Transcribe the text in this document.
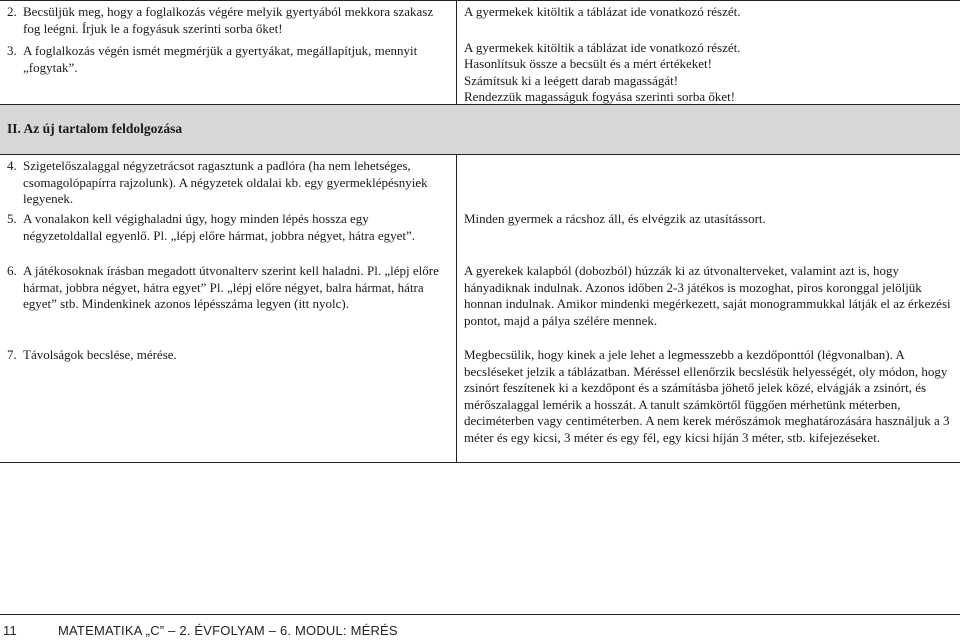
2. Becsüljük meg, hogy a foglalkozás végére melyik gyertyából mekkora szakasz fog leégni. Írjuk le a fogyásuk szerinti sorba őket!
3. A foglalkozás végén ismét megmérjük a gyertyákat, megállapítjuk, mennyit „fogytak”.

A gyermekek kitöltik a táblázat ide vonatkozó részét.

A gyermekek kitöltik a táblázat ide vonatkozó részét.

Hasonlítsuk össze a becsült és a mért értékeket!

Számítsuk ki a leégett darab magasságát!

Rendezzük magasságuk fogyása szerinti sorba őket!

II. Az új tartalom feldolgozása
4. Szigetelőszalaggal négyzetrácsot ragasztunk a padlóra (ha nem lehetséges, csomagolópapírra rajzolunk). A négyzetek oldalai kb. egy gyermeklépésnyiek legyenek.
5. A vonalakon kell végighaladni úgy, hogy minden lépés hossza egy négyzetoldallal egyenlő. Pl. „lépj előre hármat, jobbra négyet, hátra egyet”.

Minden gyermek a rácshoz áll, és elvégzik az utasítássort.

6. A játékosoknak írásban megadott útvonalterv szerint kell haladni. Pl. „lépj előre hármat, jobbra négyet, hátra egyet” Pl. „lépj előre négyet, balra hármat, hátra egyet” stb. Mindenkinek azonos lépésszáma legyen (itt nyolc).

A gyerekek kalapból (dobozból) húzzák ki az útvonalterveket, valamint azt is, hogy hányadiknak indulnak. Azonos időben 2-3 játékos is mozoghat, piros koronggal jelöljük honnan indulnak. Amikor mindenki megérkezett, saját monogrammukkal látják el az érkezési pontot, majd a pálya szélére mennek.

7. Távolságok becslése, mérése.	Megbecsülik, hogy kinek a jele lehet a legmesszebb a kezdőponttól (légvonalban). A becsléseket jelzik a táblázatban. Méréssel ellenőrzik becslésük helyességét, oly módon, hogy zsinórt feszítenek ki a kezdőpont és a számításba jöhető jelek közé, elvágják a zsinórt, és mérőszalaggal lemérik a hosszát. A tanult számkörtől függően mérhetünk méterben, deciméterben vagy centiméterben. A nem kerek mérőszámok meghatározására használjuk a 3 méter és egy kicsi, 3 méter és egy fél, egy kicsi híján 3 méter, stb. kifejezéseket.

11	MATEMATIKA „C” – 2. ÉVFOLYAM – 6. MODUL: MÉRÉS
